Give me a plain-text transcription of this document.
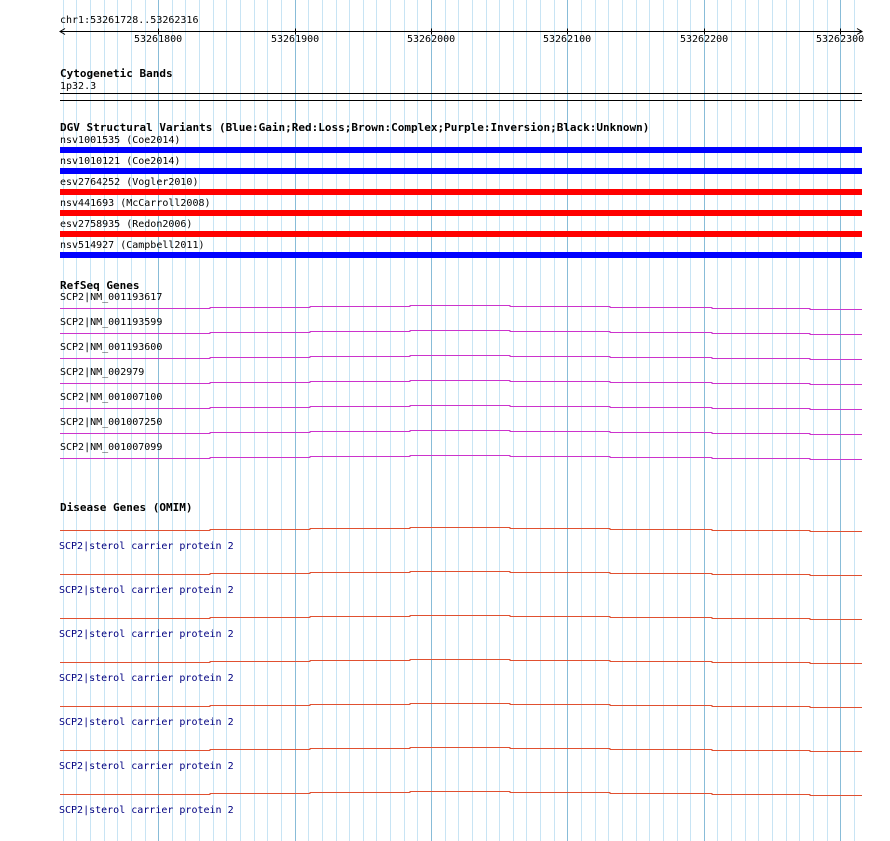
chr1:53261728..53262316
53261800	53261900	53262000	53262100	53262200	53262300
Cytogenetic Bands
1p32.3
DGV Structural Variants (Blue:Gain;Red:Loss;Brown:Complex;Purple:Inversion;Black:Unknown)
nsv1001535 (Coe2014)
nsv1010121 (Coe2014)
esv2764252 (Vogler2010)
nsv441693 (McCarroll2008)
esv2758935 (Redon2006)
nsv514927 (Campbell2011)
RefSeq Genes
SCP2|NM_001193617
SCP2|NM_001193599
SCP2|NM_001193600
SCP2|NM_002979
SCP2|NM_001007100
SCP2|NM_001007250
SCP2|NM_001007099
Disease Genes (OMIM)
SCP2|sterol carrier protein 2
SCP2|sterol carrier protein 2
SCP2|sterol carrier protein 2
SCP2|sterol carrier protein 2
SCP2|sterol carrier protein 2
SCP2|sterol carrier protein 2
SCP2|sterol carrier protein 2
